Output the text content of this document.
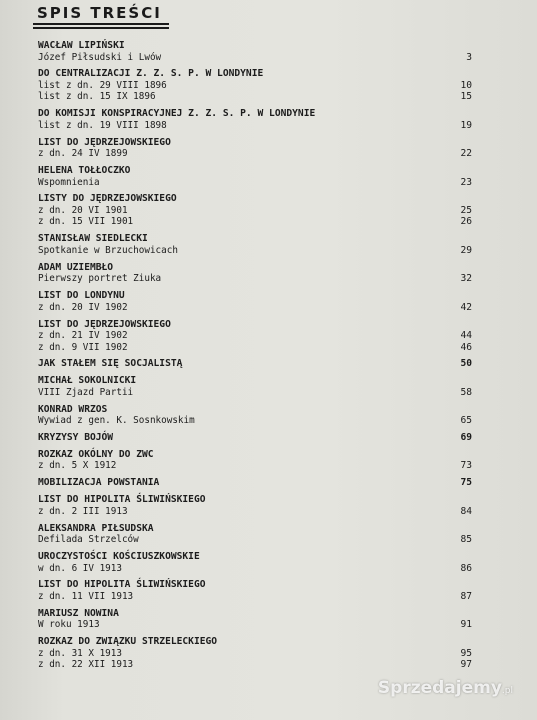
SPIS TREŚCI
WACŁAW LIPIŃSKI
Józef Piłsudski i Lwów	3
DO CENTRALIZACJI Z. Z. S. P. W LONDYNIE
list z dn. 29 VIII 1896	10
list z dn. 15 IX 1896	15
DO KOMISJI KONSPIRACYJNEJ Z. Z. S. P. W LONDYNIE
list z dn. 19 VIII 1898	19
LIST DO JĘDRZEJOWSKIEGO
z dn. 24 IV 1899	22
HELENA TOŁŁOCZKO
Wspomnienia	23
LISTY DO JĘDRZEJOWSKIEGO
z dn. 20 VI 1901	25
z dn. 15 VII 1901	26
STANISŁAW SIEDLECKI
Spotkanie w Brzuchowicach	29
ADAM UZIEMBŁO
Pierwszy portret Ziuka	32
LIST DO LONDYNU
z dn. 20 IV 1902	42
LIST DO JĘDRZEJOWSKIEGO
z dn. 21 IV 1902	44
z dn. 9 VII 1902	46
JAK STAŁEM SIĘ SOCJALISTĄ	50
MICHAŁ SOKOLNICKI
VIII Zjazd Partii	58
KONRAD WRZOS
Wywiad z gen. K. Sosnkowskim	65
KRYZYSY BOJÓW	69
ROZKAZ OKÓLNY DO ZWC
z dn. 5 X 1912	73
MOBILIZACJA POWSTANIA	75
LIST DO HIPOLITA ŚLIWIŃSKIEGO
z dn. 2 III 1913	84
ALEKSANDRA PIŁSUDSKA
Defilada Strzelców	85
UROCZYSTOŚCI KOŚCIUSZKOWSKIE
w dn. 6 IV 1913	86
LIST DO HIPOLITA ŚLIWIŃSKIEGO
z dn. 11 VII 1913	87
MARIUSZ NOWINA
W roku 1913	91
ROZKAZ DO ZWIĄZKU STRZELECKIEGO
z dn. 31 X 1913	95
z dn. 22 XII 1913	97
Sprzedajemy.pl
